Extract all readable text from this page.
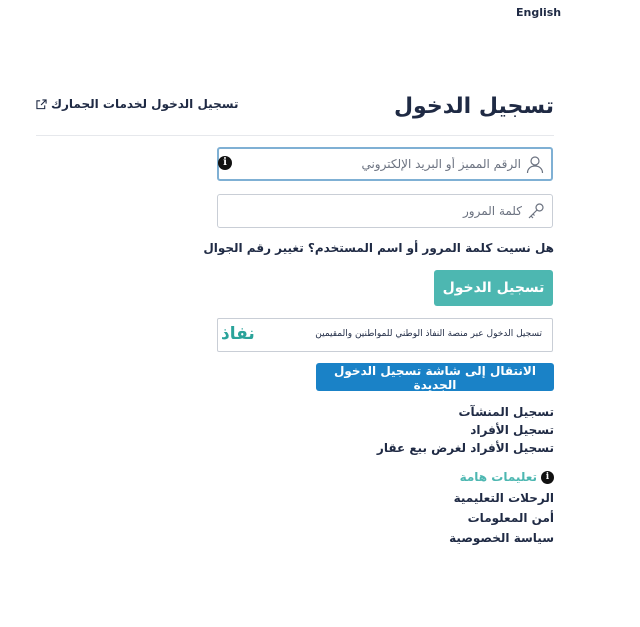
English
تسجيل الدخول
تسجيل الدخول لخدمات الجمارك
الرقم المميز أو البريد الإلكتروني
i
هل نسيت كلمة المرور أو اسم المستخدم؟ تغيير رقم الجوال
تسجيل الدخول
تسجيل الدخول عبر منصة النفاذ الوطني للمواطنين والمقيمين
نفاذ
الانتقال إلى شاشة تسجيل الدخول الجديدة
تسجيل المنشآت
تسجيل الأفراد
تسجيل الأفراد لغرض بيع عقار
i
تعليمات هامة
الرحلات التعليمية
أمن المعلومات
سياسة الخصوصية
